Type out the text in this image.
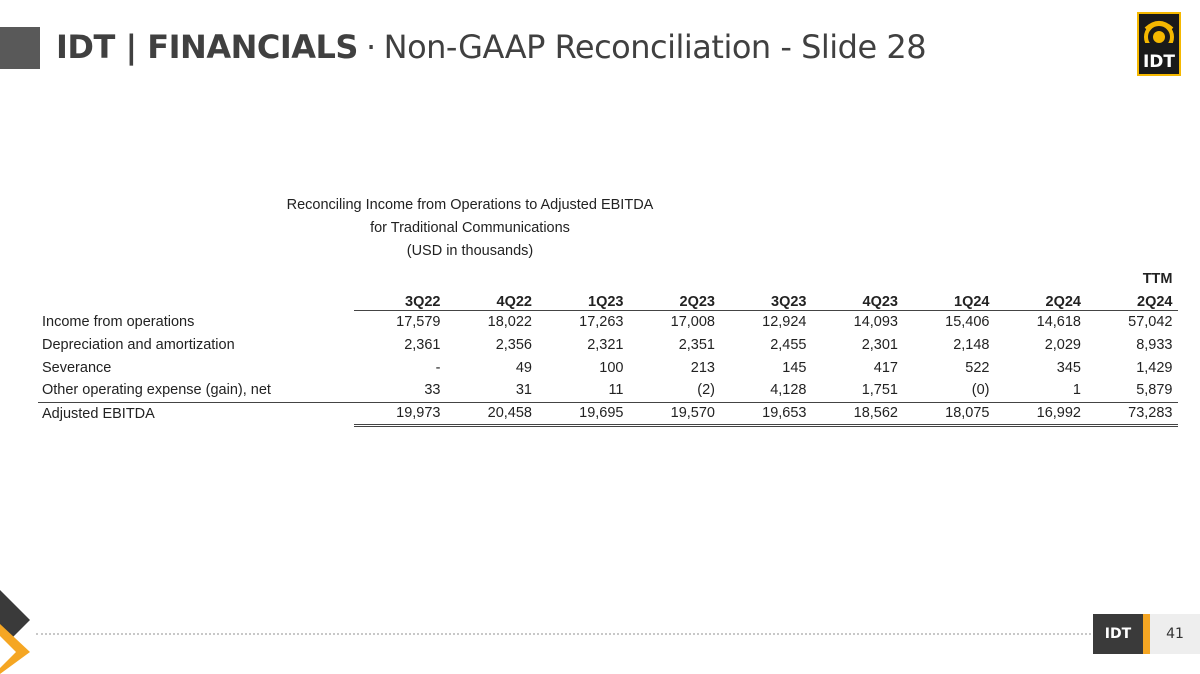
IDT | FINANCIALS · Non-GAAP Reconciliation - Slide 28	IDT
Reconciling Income from Operations to Adjusted EBITDA
for Traditional Communications
(USD in thousands)
									TTM
	3Q22	4Q22	1Q23	2Q23	3Q23	4Q23	1Q24	2Q24	2Q24
Income from operations	17,579	18,022	17,263	17,008	12,924	14,093	15,406	14,618	57,042
Depreciation and amortization	2,361	2,356	2,321	2,351	2,455	2,301	2,148	2,029	8,933
Severance	-	49	100	213	145	417	522	345	1,429
Other operating expense (gain), net	33	31	11	(2)	4,128	1,751	(0)	1	5,879
Adjusted EBITDA	19,973	20,458	19,695	19,570	19,653	18,562	18,075	16,992	73,283
IDT	41
